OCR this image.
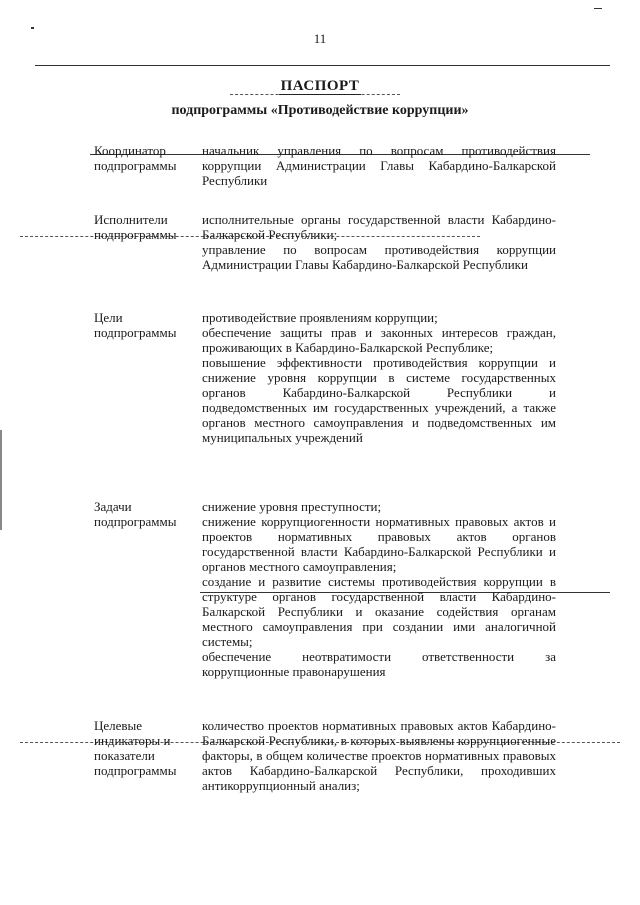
11
ПАСПОРТ
подпрограммы «Противодействие коррупции»
Координатор подпрограммы

начальник управления по вопросам противодействия коррупции Администрации Главы Кабардино-Балкарской Республики

Исполнители подпрограммы

исполнительные органы государственной власти Кабардино-Балкарской Республики;

управление по вопросам противодействия коррупции Администрации Главы Кабардино-Балкарской Республики

Цели подпрограммы

противодействие проявлениям коррупции;

обеспечение защиты прав и законных интересов граждан, проживающих в Кабардино-Балкарской Республике;

повышение эффективности противодействия коррупции и снижение уровня коррупции в системе государственных органов Кабардино-Балкарской Республики и подведомственных им государственных учреждений, а также органов местного самоуправления и подведомственных им муниципальных учреждений

Задачи подпрограммы

снижение уровня преступности;

снижение коррупциогенности нормативных правовых актов и проектов нормативных правовых актов органов государственной власти Кабардино-Балкарской Республики и органов местного самоуправления;

создание и развитие системы противодействия коррупции в структуре органов государственной власти Кабардино-Балкарской Республики и оказание содействия органам местного самоуправления при создании ими аналогичной системы;

обеспечение неотвратимости ответственности за коррупционные правонарушения

Целевые индикаторы и показатели подпрограммы

количество проектов нормативных правовых актов Кабардино-Балкарской Республики, в которых выявлены коррупциогенные факторы, в общем количестве проектов нормативных правовых актов Кабардино-Балкарской Республики, проходивших антикоррупционный анализ;
